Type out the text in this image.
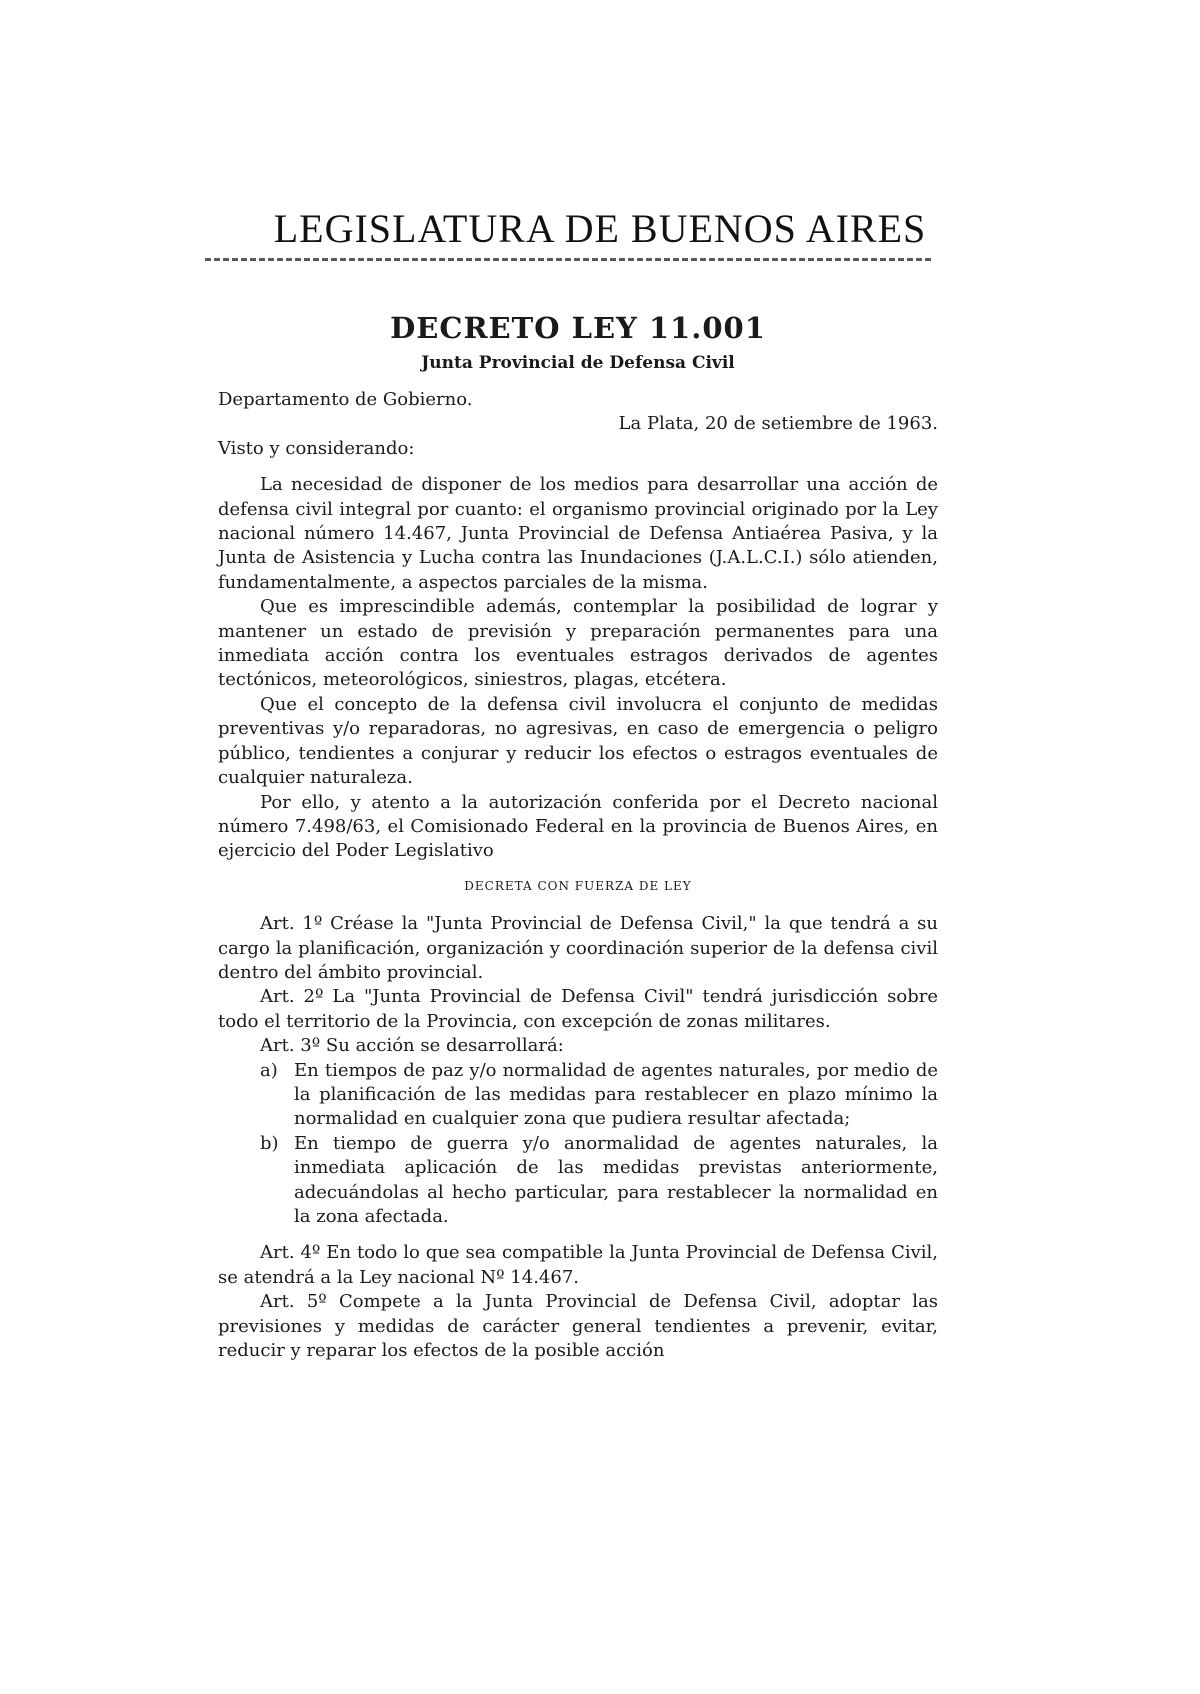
LEGISLATURA DE BUENOS AIRES
DECRETO LEY 11.001
Junta Provincial de Defensa Civil

Departamento de Gobierno.

La Plata, 20 de setiembre de 1963.

Visto y considerando:

La necesidad de disponer de los medios para desarrollar una acción de defensa civil integral por cuanto: el organismo provincial originado por la Ley nacional número 14.467, Junta Provincial de Defensa Antiaérea Pasiva, y la Junta de Asistencia y Lucha contra las Inundaciones (J.A.L.C.I.) sólo atienden, fundamentalmente, a aspectos parciales de la misma.

Que es imprescindible además, contemplar la posibilidad de lograr y mantener un estado de previsión y preparación permanentes para una inmediata acción contra los eventuales estragos derivados de agentes tectónicos, meteorológicos, siniestros, plagas, etcétera.

Que el concepto de la defensa civil involucra el conjunto de medidas preventivas y/o reparadoras, no agresivas, en caso de emergencia o peligro público, tendientes a conjurar y reducir los efectos o estragos eventuales de cualquier naturaleza.

Por ello, y atento a la autorización conferida por el Decreto nacional número 7.498/63, el Comisionado Federal en la provincia de Buenos Aires, en ejercicio del Poder Legislativo

DECRETA CON FUERZA DE LEY

Art. 1º Créase la "Junta Provincial de Defensa Civil," la que tendrá a su cargo la planificación, organización y coordinación superior de la defensa civil dentro del ámbito provincial.

Art. 2º La "Junta Provincial de Defensa Civil" tendrá jurisdicción sobre todo el territorio de la Provincia, con excepción de zonas militares.

Art. 3º Su acción se desarrollará:

a) En tiempos de paz y/o normalidad de agentes naturales, por medio de la planificación de las medidas para restablecer en plazo mínimo la normalidad en cualquier zona que pudiera resultar afectada;
b) En tiempo de guerra y/o anormalidad de agentes naturales, la inmediata aplicación de las medidas previstas anteriormente, adecuándolas al hecho particular, para restablecer la normalidad en la zona afectada.

Art. 4º En todo lo que sea compatible la Junta Provincial de Defensa Civil, se atendrá a la Ley nacional Nº 14.467.

Art. 5º Compete a la Junta Provincial de Defensa Civil, adoptar las previsiones y medidas de carácter general tendientes a prevenir, evitar, reducir y reparar los efectos de la posible acción
